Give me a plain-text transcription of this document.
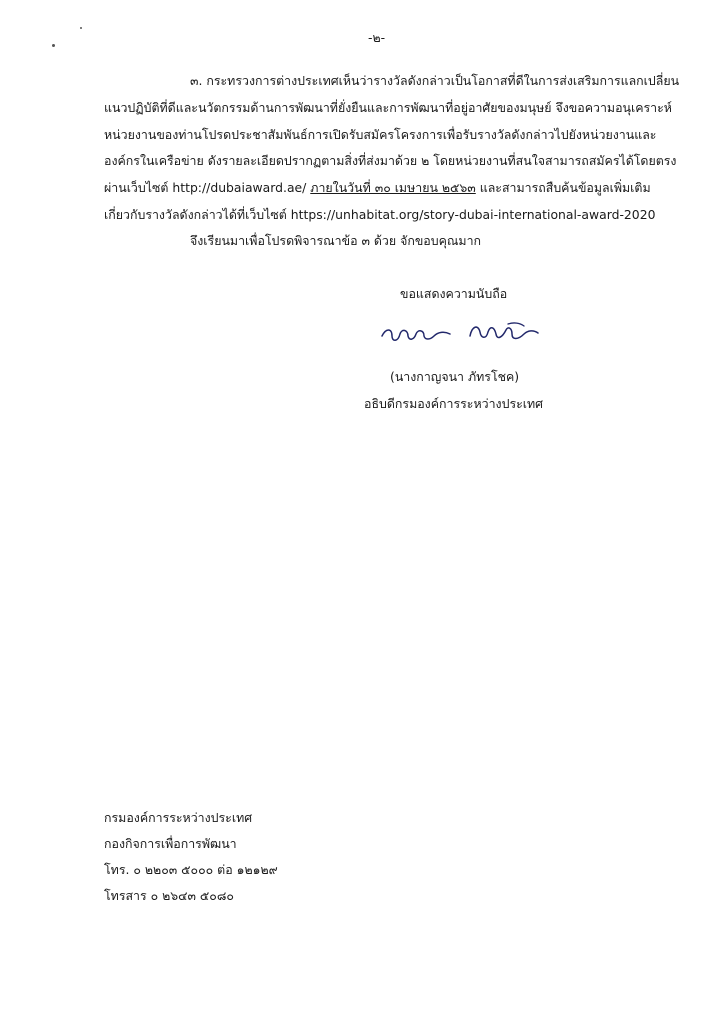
-๒-
๓. กระทรวงการต่างประเทศเห็นว่ารางวัลดังกล่าวเป็นโอกาสที่ดีในการส่งเสริมการแลกเปลี่ยน
แนวปฏิบัติที่ดีและนวัตกรรมด้านการพัฒนาที่ยั่งยืนและการพัฒนาที่อยู่อาศัยของมนุษย์ จึงขอความอนุเคราะห์
หน่วยงานของท่านโปรดประชาสัมพันธ์การเปิดรับสมัครโครงการเพื่อรับรางวัลดังกล่าวไปยังหน่วยงานและ
องค์กรในเครือข่าย ดังรายละเอียดปรากฏตามสิ่งที่ส่งมาด้วย ๒ โดยหน่วยงานที่สนใจสามารถสมัครได้โดยตรง
ผ่านเว็บไซต์ http://dubaiaward.ae/ ภายในวันที่ ๓๐ เมษายน ๒๕๖๓ และสามารถสืบค้นข้อมูลเพิ่มเติม
เกี่ยวกับรางวัลดังกล่าวได้ที่เว็บไซต์ https://unhabitat.org/story-dubai-international-award-2020
จึงเรียนมาเพื่อโปรดพิจารณาข้อ ๓ ด้วย จักขอบคุณมาก
ขอแสดงความนับถือ
(นางกาญจนา ภัทรโชค)
อธิบดีกรมองค์การระหว่างประเทศ
กรมองค์การระหว่างประเทศ
กองกิจการเพื่อการพัฒนา
โทร. ๐ ๒๒๐๓ ๕๐๐๐ ต่อ ๑๒๑๒๙
โทรสาร ๐ ๒๖๔๓ ๕๐๘๐
